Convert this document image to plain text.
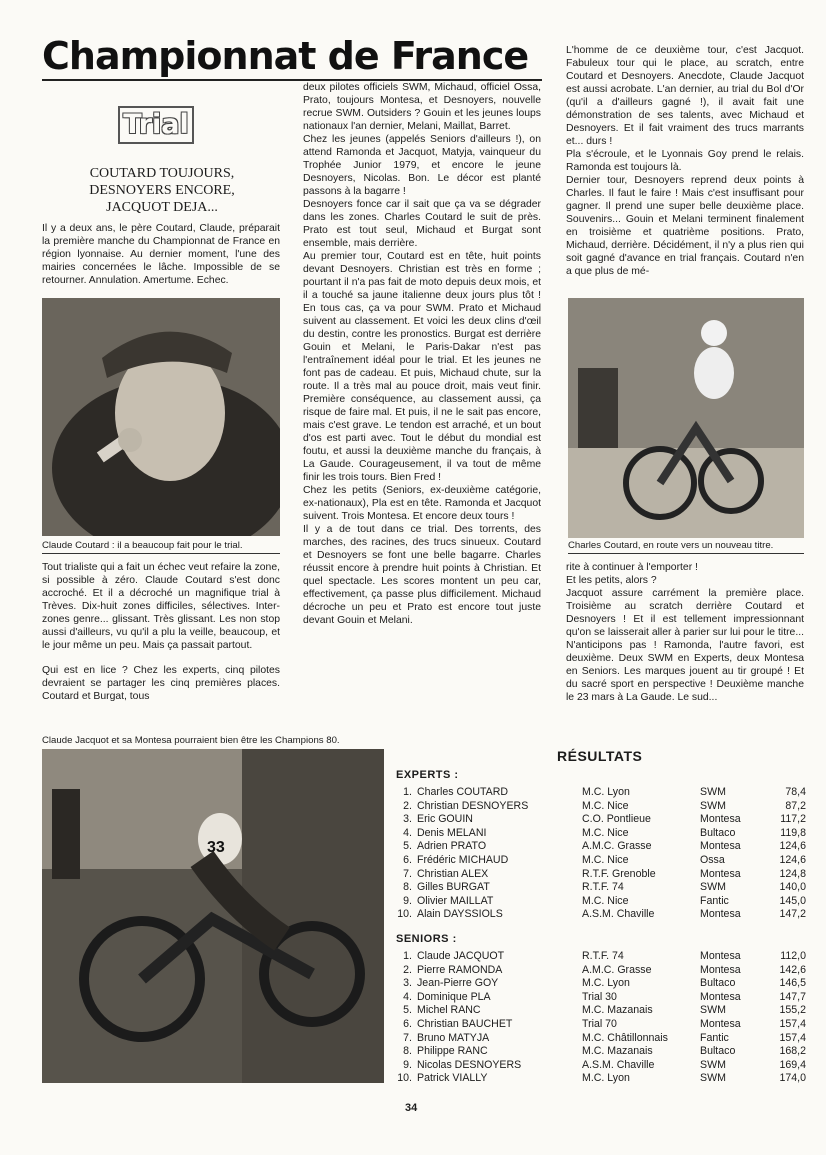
Championnat de France
Trial
COUTARD TOUJOURS,
DESNOYERS ENCORE,
JACQUOT DEJA...

Il y a deux ans, le père Coutard, Claude, préparait la première manche du Championnat de France en région lyonnaise. Au dernier moment, l'une des mairies concernées le lâche. Impossible de se retourner. Annulation. Amertume. Echec.

Claude Coutard : il a beaucoup fait pour le trial.

Tout trialiste qui a fait un échec veut refaire la zone, si possible à zéro. Claude Coutard s'est donc accroché. Et il a décroché un magnifique trial à Trèves. Dix-huit zones difficiles, sélectives. Inter-zones genre... glissant. Très glissant. Les non stop aussi d'ailleurs, vu qu'il a plu la veille, beaucoup, et le jour même un peu. Mais ça passait partout.

Qui est en lice ? Chez les experts, cinq pilotes devraient se partager les cinq premières places. Coutard et Burgat, tous

deux pilotes officiels SWM, Michaud, officiel Ossa, Prato, toujours Montesa, et Desnoyers, nouvelle recrue SWM. Outsiders ? Gouin et les jeunes loups nationaux l'an dernier, Melani, Maillat, Barret.

Chez les jeunes (appelés Seniors d'ailleurs !), on attend Ramonda et Jacquot, Matyja, vainqueur du Trophée Junior 1979, et encore le jeune Desnoyers, Nicolas. Bon. Le décor est planté passons à la bagarre !

Desnoyers fonce car il sait que ça va se dégrader dans les zones. Charles Coutard le suit de près. Prato est tout seul, Michaud et Burgat sont ensemble, mais derrière.

Au premier tour, Coutard est en tête, huit points devant Desnoyers. Christian est très en forme ; pourtant il n'a pas fait de moto depuis deux mois, et il a touché sa jaune italienne deux jours plus tôt ! En tous cas, ça va pour SWM. Prato et Michaud suivent au classement. Et voici les deux clins d'œil du destin, contre les pronostics. Burgat est derrière Gouin et Melani, le Paris-Dakar n'est pas l'entraînement idéal pour le trial. Et les jeunes ne font pas de cadeau. Et puis, Michaud chute, sur la route. Il a très mal au pouce droit, mais veut finir. Première conséquence, au classement aussi, ça risque de faire mal. Et puis, il ne le sait pas encore, mais c'est grave. Le tendon est arraché, et un bout d'os est parti avec. Tout le début du mondial est foutu, et aussi la deuxième manche du français, à La Gaude. Courageusement, il va tout de même finir les trois tours. Bien Fred !

Chez les petits (Seniors, ex-deuxième catégorie, ex-nationaux), Pla est en tête. Ramonda et Jacquot suivent. Trois Montesa. Et encore deux tours !

Il y a de tout dans ce trial. Des torrents, des marches, des racines, des trucs sinueux. Coutard et Desnoyers se font une belle bagarre. Charles réussit encore à prendre huit points à Christian. Et quel spectacle. Les scores montent un peu car, effectivement, ça passe plus difficilement. Michaud décroche un peu et Prato est encore tout juste devant Gouin et Melani.

L'homme de ce deuxième tour, c'est Jacquot. Fabuleux tour qui le place, au scratch, entre Coutard et Desnoyers. Anecdote, Claude Jacquot est aussi acrobate. L'an dernier, au trial du Bol d'Or (qu'il a d'ailleurs gagné !), il avait fait une démonstration de ses talents, avec Michaud et Desnoyers. Et il fait vraiment des trucs marrants et... durs !

Pla s'écroule, et le Lyonnais Goy prend le relais. Ramonda est toujours là.

Dernier tour, Desnoyers reprend deux points à Charles. Il faut le faire ! Mais c'est insuffisant pour gagner. Il prend une super belle deuxième place. Souvenirs... Gouin et Melani terminent finalement en troisième et quatrième positions. Prato, Michaud, derrière. Décidément, il n'y a plus rien qui soit gagné d'avance en trial français. Coutard n'en a que plus de mé-

Charles Coutard, en route vers un nouveau titre.

rite à continuer à l'emporter !

Et les petits, alors ?

Jacquot assure carrément la première place. Troisième au scratch derrière Coutard et Desnoyers ! Et il est tellement impressionnant qu'on se laisserait aller à parier sur lui pour le titre... N'anticipons pas ! Ramonda, l'autre favori, est deuxième. Deux SWM en Experts, deux Montesa en Seniors. Les marques jouent au tir groupé ! Et du sacré sport en perspective ! Deuxième manche le 23 mars à La Gaude. Le sud...

Claude Jacquot et sa Montesa pourraient bien être les Champions 80.
33
RÉSULTATS
EXPERTS :
1. Charles COUTARD	M.C. Lyon	SWM	78,4
2. Christian DESNOYERS	M.C. Nice	SWM	87,2
3. Eric GOUIN	C.O. Pontlieue	Montesa	117,2
4. Denis MELANI	M.C. Nice	Bultaco	119,8
5. Adrien PRATO	A.M.C. Grasse	Montesa	124,6
6. Frédéric MICHAUD	M.C. Nice	Ossa	124,6
7. Christian ALEX	R.T.F. Grenoble	Montesa	124,8
8. Gilles BURGAT	R.T.F. 74	SWM	140,0
9. Olivier MAILLAT	M.C. Nice	Fantic	145,0
10. Alain DAYSSIOLS	A.S.M. Chaville	Montesa	147,2
SENIORS :
1. Claude JACQUOT	R.T.F. 74	Montesa	112,0
2. Pierre RAMONDA	A.M.C. Grasse	Montesa	142,6
3. Jean-Pierre GOY	M.C. Lyon	Bultaco	146,5
4. Dominique PLA	Trial 30	Montesa	147,7
5. Michel RANC	M.C. Mazanais	SWM	155,2
6. Christian BAUCHET	Trial 70	Montesa	157,4
7. Bruno MATYJA	M.C. Châtillonnais	Fantic	157,4
8. Philippe RANC	M.C. Mazanais	Bultaco	168,2
9. Nicolas DESNOYERS	A.S.M. Chaville	SWM	169,4
10. Patrick VIALLY	M.C. Lyon	SWM	174,0
34
